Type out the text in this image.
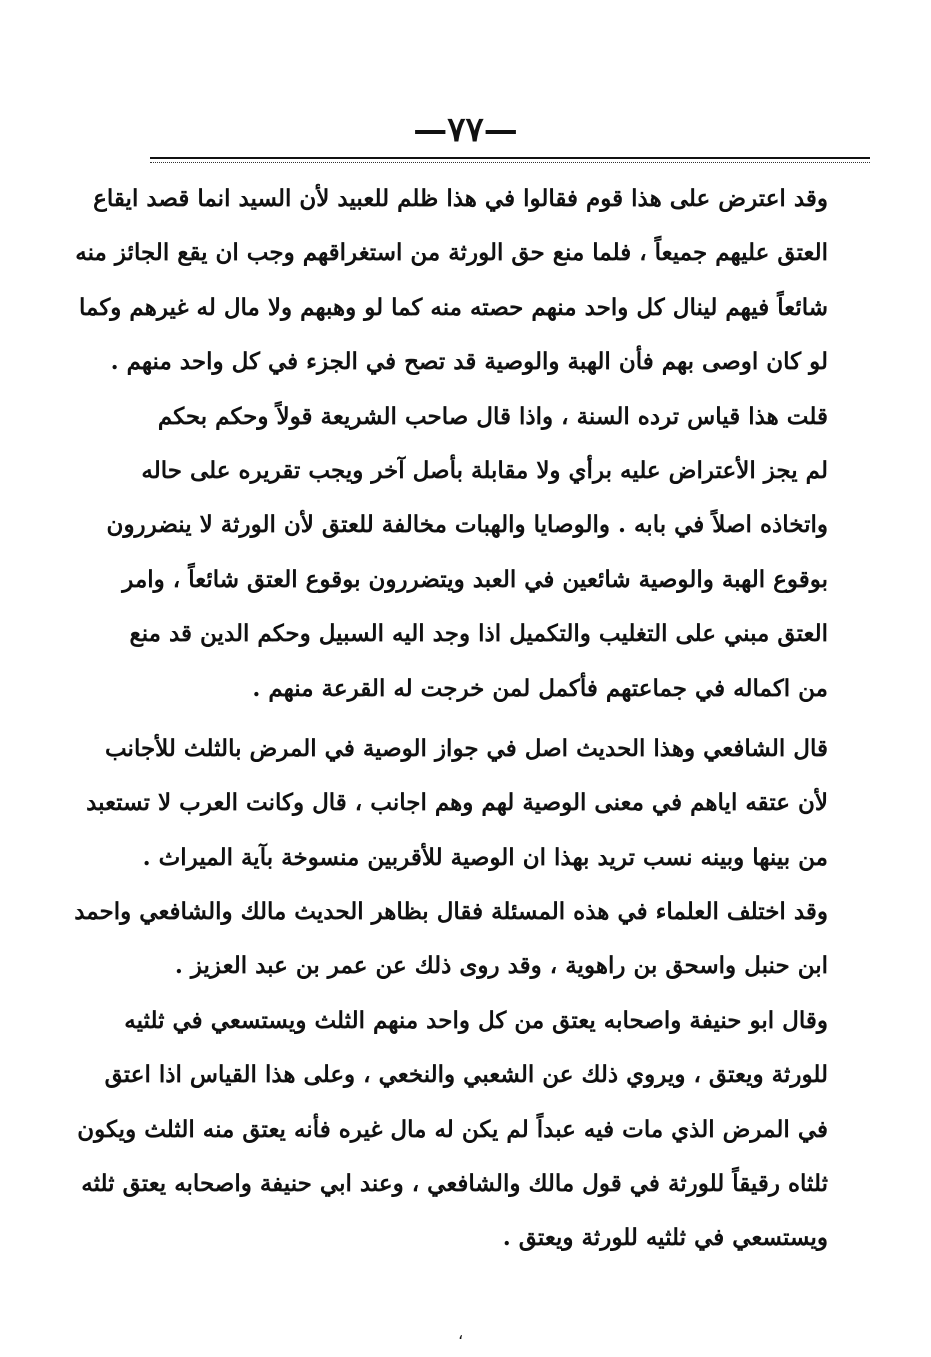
—٧٧—
وقد اعترض على هذا قوم فقالوا في هذا ظلم للعبيد لأن السيد انما قصد ايقاع
العتق عليهم جميعاً ، فلما منع حق الورثة من استغراقهم وجب ان يقع الجائز منه
شائعاً فيهم لينال كل واحد منهم حصته منه كما لو وهبهم ولا مال له غيرهم وكما
لو كان اوصى بهم فأن الهبة والوصية قد تصح في الجزء في كل واحد منهم .
قلت هذا قياس ترده السنة ، واذا قال صاحب الشريعة قولاً وحكم بحكم
لم يجز الأعتراض عليه برأي ولا مقابلة بأصل آخر ويجب تقريره على حاله
واتخاذه اصلاً في بابه . والوصايا والهبات مخالفة للعتق لأن الورثة لا ينضررون
بوقوع الهبة والوصية شائعين في العبد ويتضررون بوقوع العتق شائعاً ، وامر
العتق مبني على التغليب والتكميل اذا وجد اليه السبيل وحكم الدين قد منع
من اكماله في جماعتهم فأكمل لمن خرجت له القرعة منهم .
قال الشافعي وهذا الحديث اصل في جواز الوصية في المرض بالثلث للأجانب
لأن عتقه اياهم في معنى الوصية لهم وهم اجانب ، قال وكانت العرب لا تستعبد
من بينها وبينه نسب تريد بهذا ان الوصية للأقربين منسوخة بآية الميراث .
وقد اختلف العلماء في هذه المسئلة فقال بظاهر الحديث مالك والشافعي واحمد
ابن حنبل واسحق بن راهوية ، وقد روى ذلك عن عمر بن عبد العزيز .
وقال ابو حنيفة واصحابه يعتق من كل واحد منهم الثلث ويستسعي في ثلثيه
للورثة ويعتق ، ويروي ذلك عن الشعبي والنخعي ، وعلى هذا القياس اذا اعتق
في المرض الذي مات فيه عبداً لم يكن له مال غيره فأنه يعتق منه الثلث ويكون
ثلثاه رقيقاً للورثة في قول مالك والشافعي ، وعند ابي حنيفة واصحابه يعتق ثلثه
ويستسعي في ثلثيه للورثة ويعتق .
،
